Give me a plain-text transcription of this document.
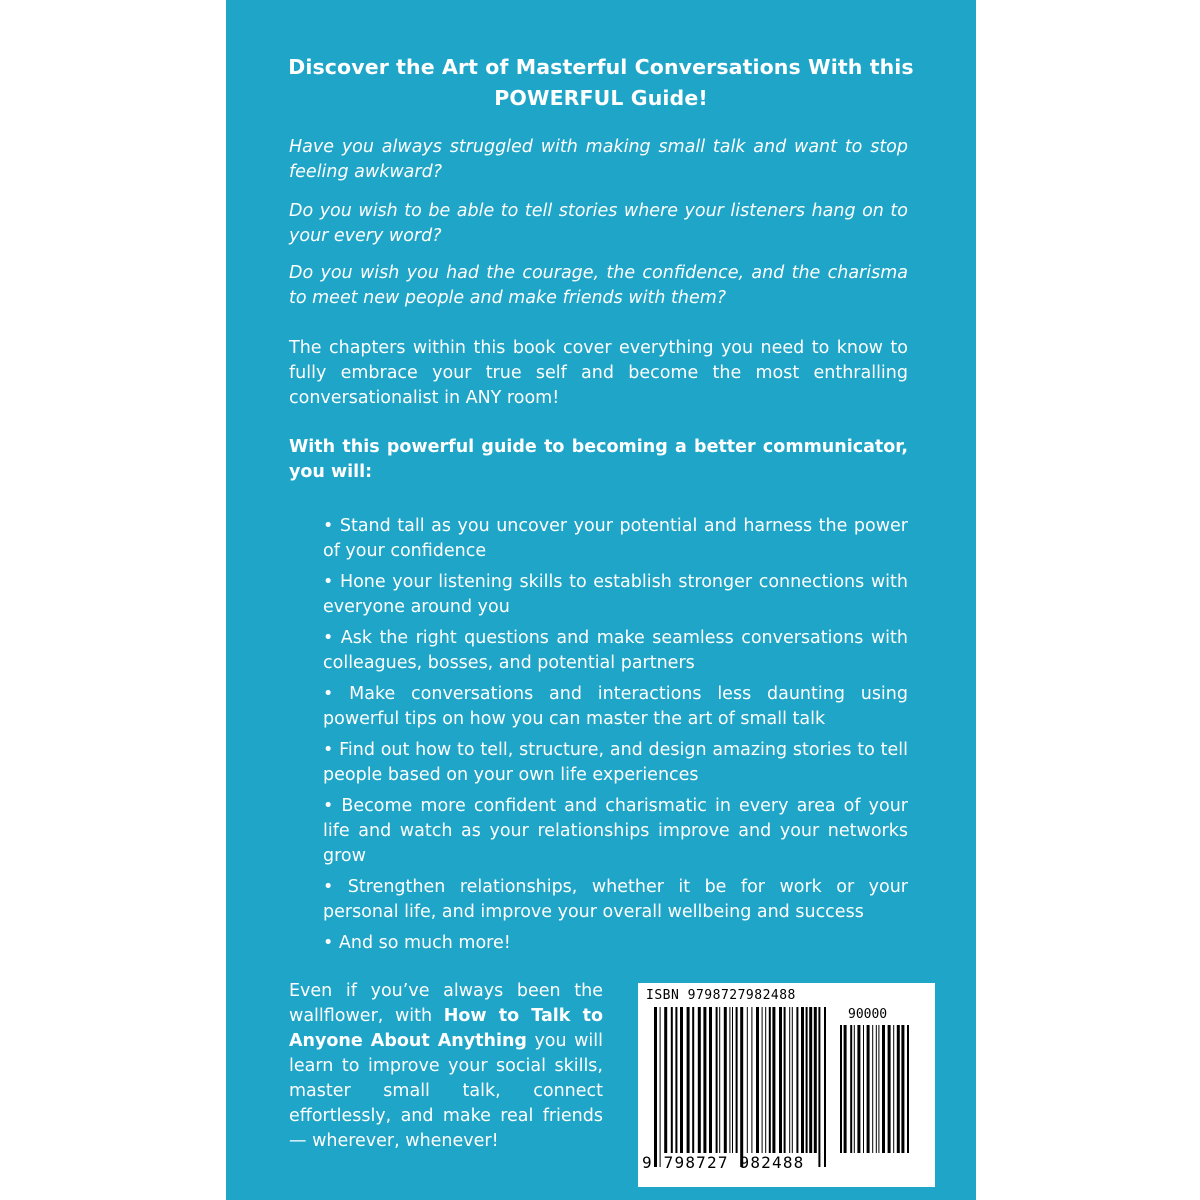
Discover the Art of Masterful Conversations With this
POWERFUL Guide!

Have you always struggled with making small talk and want to stop feeling awkward?

Do you wish to be able to tell stories where your listeners hang on to your every word?

Do you wish you had the courage, the confidence, and the charisma to meet new people and make friends with them?

The chapters within this book cover everything you need to know to fully embrace your true self and become the most enthralling conversationalist in ANY room!

With this powerful guide to becoming a better communicator, you will:

• Stand tall as you uncover your potential and harness the power of your confidence
• Hone your listening skills to establish stronger connections with everyone around you
• Ask the right questions and make seamless conversations with colleagues, bosses, and potential partners
• Make conversations and interactions less daunting using powerful tips on how you can master the art of small talk
• Find out how to tell, structure, and design amazing stories to tell people based on your own life experiences
• Become more confident and charismatic in every area of your life and watch as your relationships improve and your networks grow
• Strengthen relationships, whether it be for work or your personal life, and improve your overall wellbeing and success
• And so much more!

Even if you’ve always been the wallflower, with How to Talk to Anyone About Anything you will learn to improve your social skills, master small talk, connect effortlessly, and make real friends — wherever, whenever!

ISBN 9798727982488
90000
9 798727 982488
